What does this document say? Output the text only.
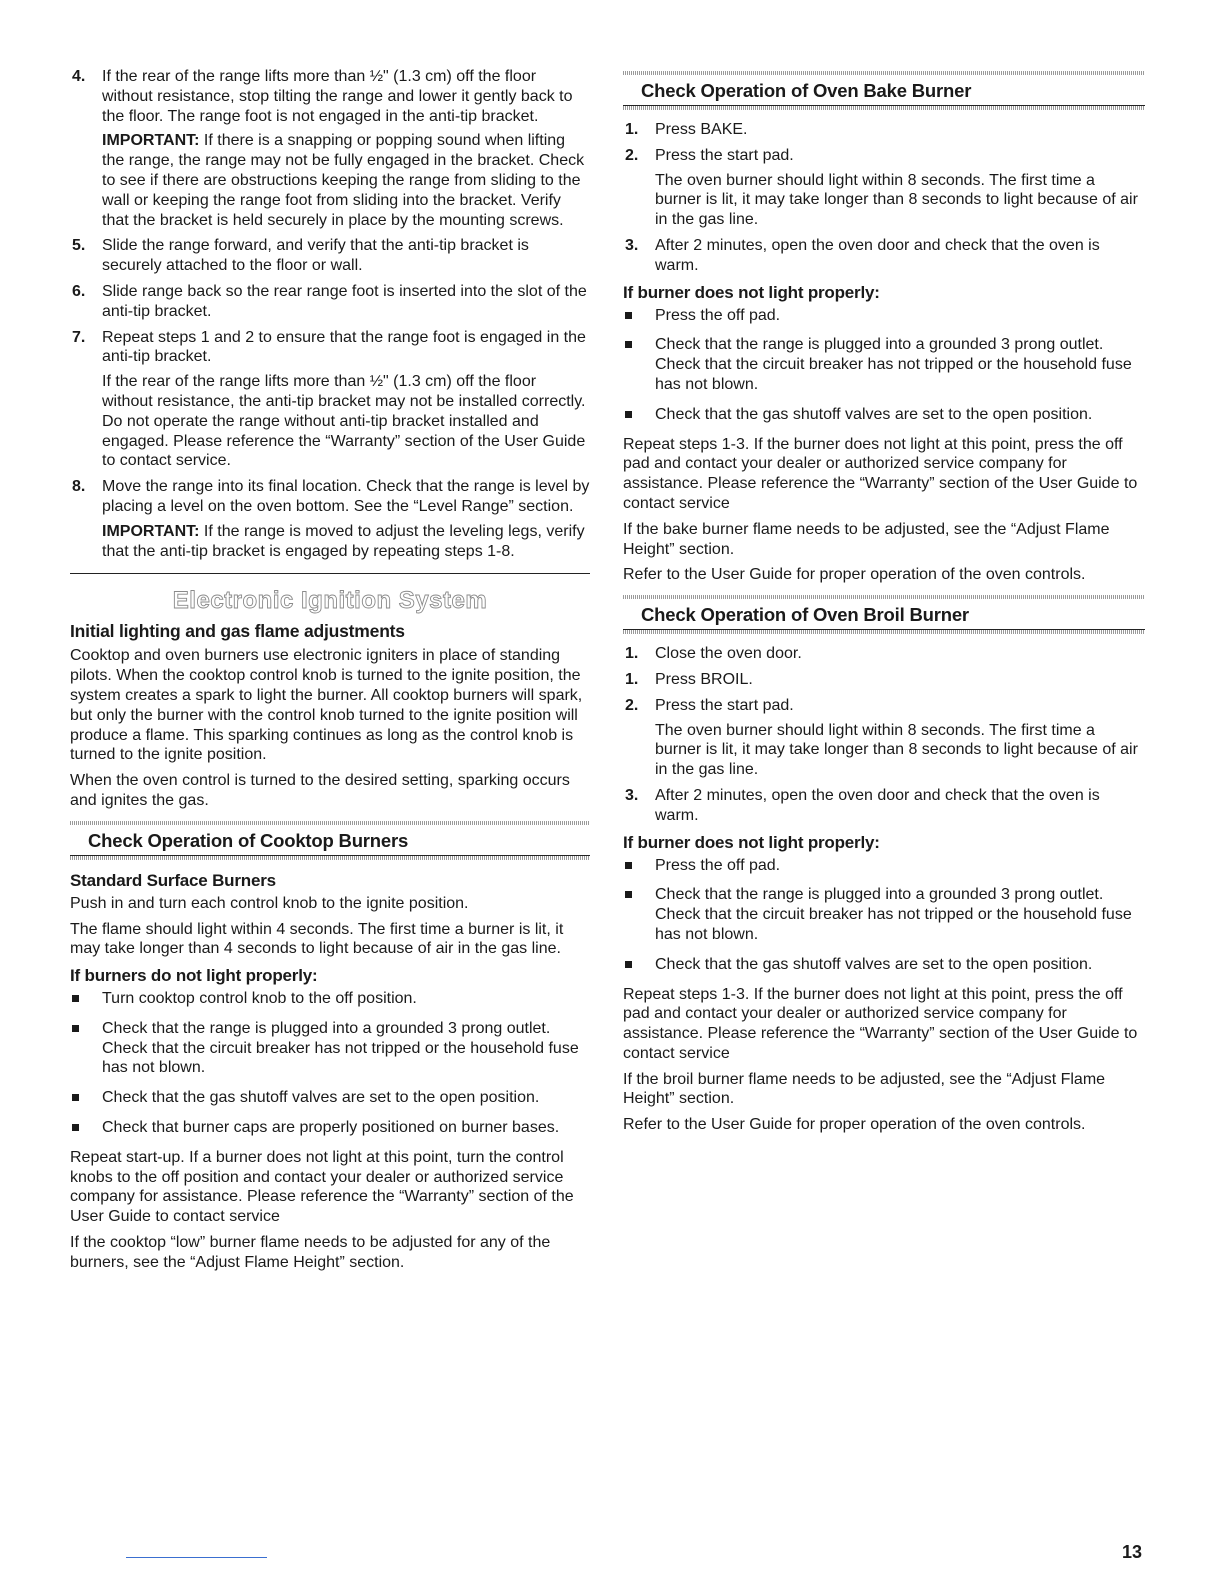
4. If the rear of the range lifts more than ½" (1.3 cm) off the floor without resistance, stop tilting the range and lower it gently back to the floor. The range foot is not engaged in the anti-tip bracket.

IMPORTANT: If there is a snapping or popping sound when lifting the range, the range may not be fully engaged in the bracket. Check to see if there are obstructions keeping the range from sliding to the wall or keeping the range foot from sliding into the bracket. Verify that the bracket is held securely in place by the mounting screws.

5. Slide the range forward, and verify that the anti-tip bracket is securely attached to the floor or wall.

6. Slide range back so the rear range foot is inserted into the slot of the anti-tip bracket.

7. Repeat steps 1 and 2 to ensure that the range foot is engaged in the anti-tip bracket.

If the rear of the range lifts more than ½" (1.3 cm) off the floor without resistance, the anti-tip bracket may not be installed correctly. Do not operate the range without anti-tip bracket installed and engaged. Please reference the “Warranty” section of the User Guide to contact service.

8. Move the range into its final location. Check that the range is level by placing a level on the oven bottom. See the “Level Range” section.

IMPORTANT: If the range is moved to adjust the leveling legs, verify that the anti-tip bracket is engaged by repeating steps 1-8.

Electronic Ignition System
Initial lighting and gas flame adjustments

Cooktop and oven burners use electronic igniters in place of standing pilots. When the cooktop control knob is turned to the ignite position, the system creates a spark to light the burner. All cooktop burners will spark, but only the burner with the control knob turned to the ignite position will produce a flame. This sparking continues as long as the control knob is turned to the ignite position.

When the oven control is turned to the desired setting, sparking occurs and ignites the gas.

Check Operation of Cooktop Burners
Standard Surface Burners

Push in and turn each control knob to the ignite position.

The flame should light within 4 seconds. The first time a burner is lit, it may take longer than 4 seconds to light because of air in the gas line.

If burners do not light properly:
Turn cooktop control knob to the off position.
Check that the range is plugged into a grounded 3 prong outlet. Check that the circuit breaker has not tripped or the household fuse has not blown.
Check that the gas shutoff valves are set to the open position.
Check that burner caps are properly positioned on burner bases.

Repeat start-up. If a burner does not light at this point, turn the control knobs to the off position and contact your dealer or authorized service company for assistance. Please reference the “Warranty” section of the User Guide to contact service

If the cooktop “low” burner flame needs to be adjusted for any of the burners, see the “Adjust Flame Height” section.

Check Operation of Oven Bake Burner
1. Press BAKE.

2. Press the start pad.

The oven burner should light within 8 seconds. The first time a burner is lit, it may take longer than 8 seconds to light because of air in the gas line.

3. After 2 minutes, open the oven door and check that the oven is warm.

If burner does not light properly:
Press the off pad.
Check that the range is plugged into a grounded 3 prong outlet. Check that the circuit breaker has not tripped or the household fuse has not blown.
Check that the gas shutoff valves are set to the open position.

Repeat steps 1-3. If the burner does not light at this point, press the off pad and contact your dealer or authorized service company for assistance. Please reference the “Warranty” section of the User Guide to contact service

If the bake burner flame needs to be adjusted, see the “Adjust Flame Height” section.

Refer to the User Guide for proper operation of the oven controls.

Check Operation of Oven Broil Burner
1. Close the oven door.

1. Press BROIL.

2. Press the start pad.

The oven burner should light within 8 seconds. The first time a burner is lit, it may take longer than 8 seconds to light because of air in the gas line.

3. After 2 minutes, open the oven door and check that the oven is warm.

If burner does not light properly:
Press the off pad.
Check that the range is plugged into a grounded 3 prong outlet. Check that the circuit breaker has not tripped or the household fuse has not blown.
Check that the gas shutoff valves are set to the open position.

Repeat steps 1-3. If the burner does not light at this point, press the off pad and contact your dealer or authorized service company for assistance. Please reference the “Warranty” section of the User Guide to contact service

If the broil burner flame needs to be adjusted, see the “Adjust Flame Height” section.

Refer to the User Guide for proper operation of the oven controls.

13
